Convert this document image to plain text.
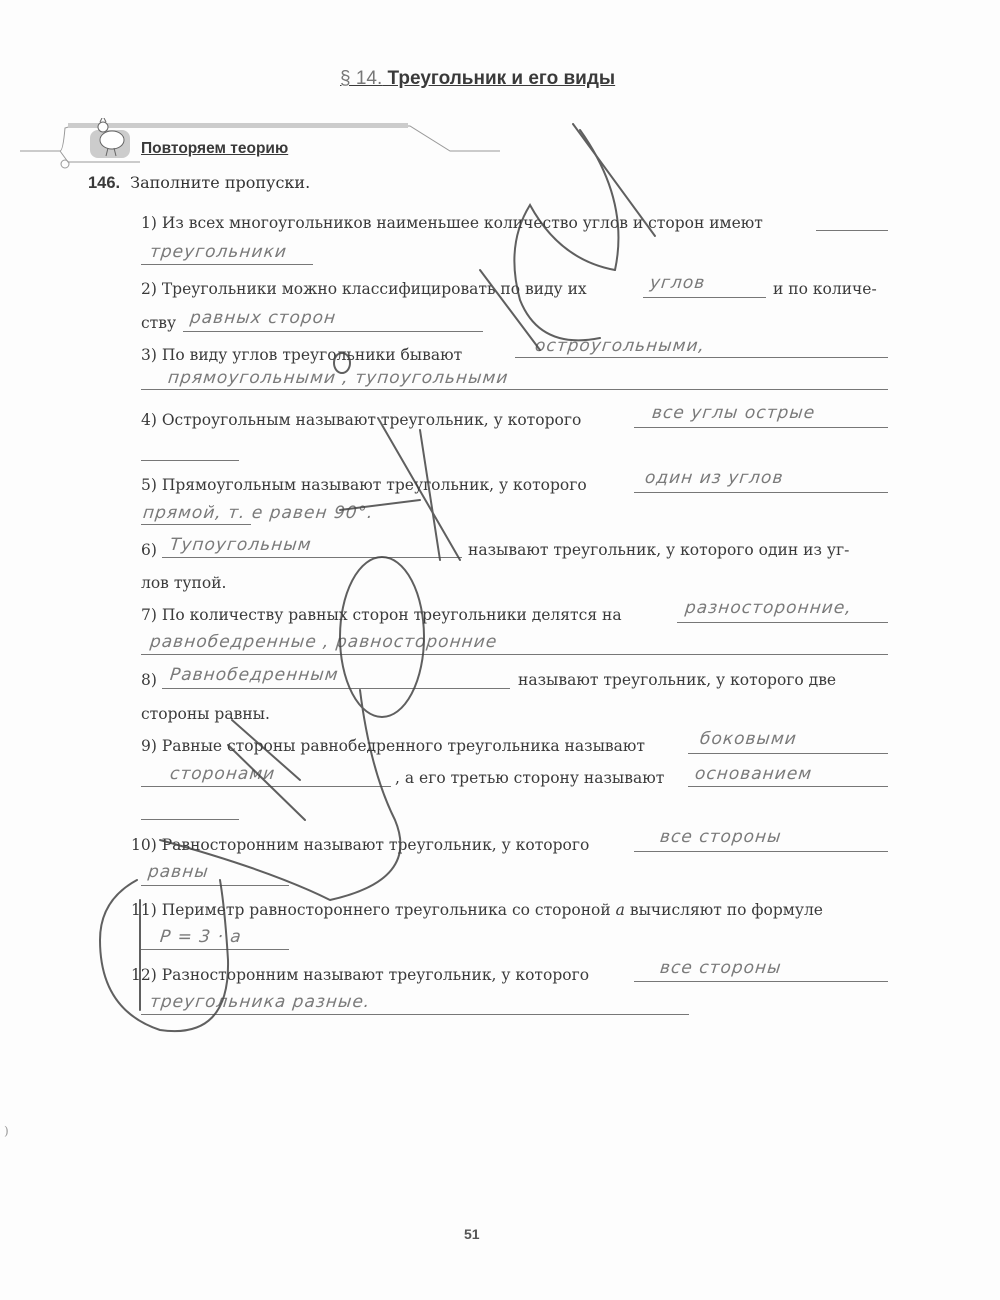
§ 14. Треугольник и его виды
Повторяем теорию
146. Заполните пропуски.
1) Из всех многоугольников наименьшее количество углов и сторон имеют
треугольники
2) Треугольники можно классифицировать по виду их	углов	и по количе-
ству равных сторон
3) По виду углов треугольники бывают	остроугольными,
прямоугольными , тупоугольными
4) Остроугольным называют треугольник, у которого	все углы острые
5) Прямоугольным называют треугольник, у которого	один из углов
прямой, т. е равен 90°.
6) Тупоугольным	называют треугольник, у которого один из уг-
лов тупой.
7) По количеству равных сторон треугольники делятся на	разносторонние,
равнобедренные , равносторонние
8) Равнобедренным	называют треугольник, у которого две
стороны равны.
9) Равные стороны равнобедренного треугольника называют	боковыми
сторонами	, а его третью сторону называют основанием
10) Равносторонним называют треугольник, у которого	все стороны
равны
11) Периметр равностороннего треугольника со стороной a вычисляют по формуле
P = 3 · a
12) Разносторонним называют треугольник, у которого	все стороны
треугольника разные.
51
)
